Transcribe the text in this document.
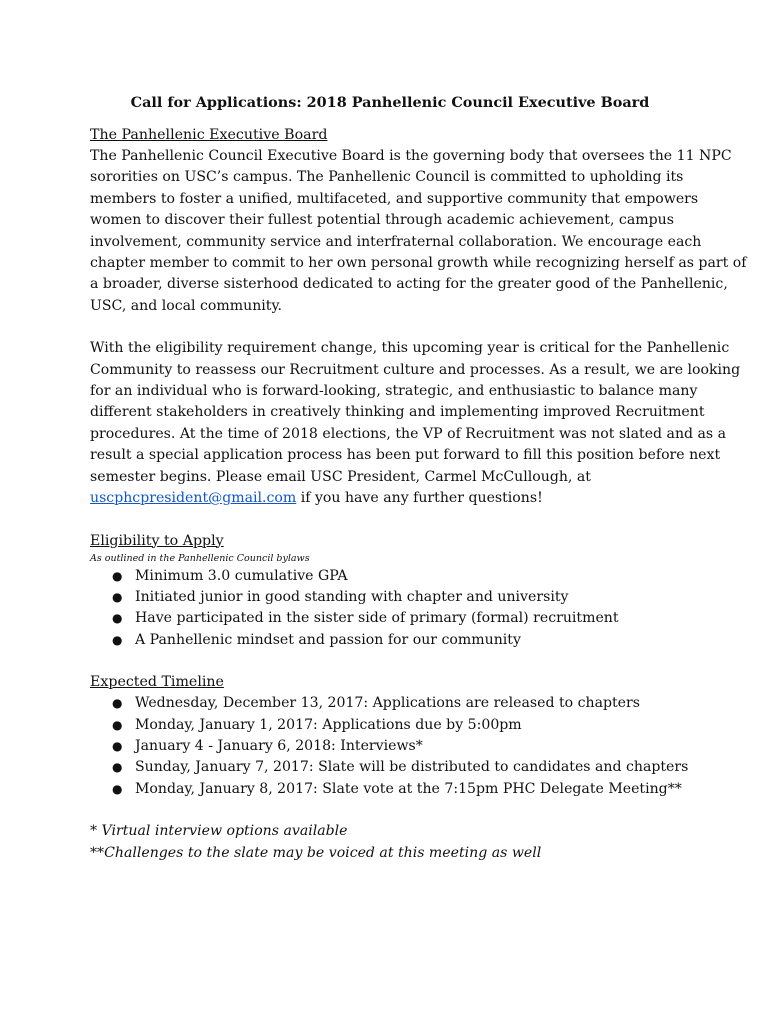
Call for Applications: 2018 Panhellenic Council Executive Board

The Panhellenic Executive Board

The Panhellenic Council Executive Board is the governing body that oversees the 11 NPC
sororities on USC’s campus. The Panhellenic Council is committed to upholding its
members to foster a unified, multifaceted, and supportive community that empowers
women to discover their fullest potential through academic achievement, campus
involvement, community service and interfraternal collaboration. We encourage each
chapter member to commit to her own personal growth while recognizing herself as part of
a broader, diverse sisterhood dedicated to acting for the greater good of the Panhellenic,
USC, and local community.

With the eligibility requirement change, this upcoming year is critical for the Panhellenic
Community to reassess our Recruitment culture and processes. As a result, we are looking
for an individual who is forward-looking, strategic, and enthusiastic to balance many
different stakeholders in creatively thinking and implementing improved Recruitment
procedures. At the time of 2018 elections, the VP of Recruitment was not slated and as a
result a special application process has been put forward to fill this position before next
semester begins. Please email USC President, Carmel McCullough, at
uscphcpresident@gmail.com if you have any further questions!

Eligibility to Apply

As outlined in the Panhellenic Council bylaws

● Minimum 3.0 cumulative GPA
● Initiated junior in good standing with chapter and university
● Have participated in the sister side of primary (formal) recruitment
● A Panhellenic mindset and passion for our community

Expected Timeline

● Wednesday, December 13, 2017: Applications are released to chapters
● Monday, January 1, 2017: Applications due by 5:00pm
● January 4 - January 6, 2018: Interviews*
● Sunday, January 7, 2017: Slate will be distributed to candidates and chapters
● Monday, January 8, 2017: Slate vote at the 7:15pm PHC Delegate Meeting**

* Virtual interview options available

**Challenges to the slate may be voiced at this meeting as well
